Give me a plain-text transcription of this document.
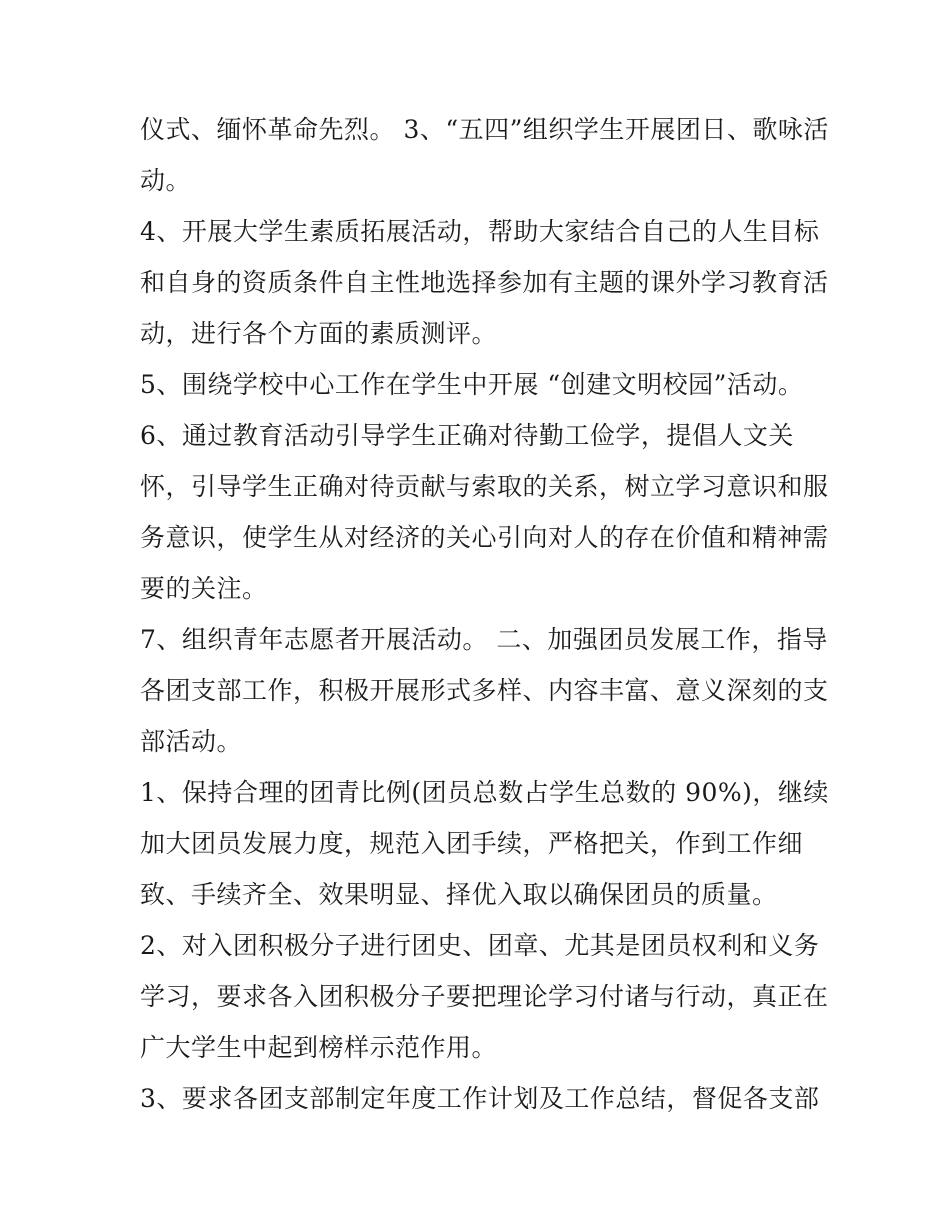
仪式、缅怀革命先烈。 3、“五四”组织学生开展团日、歌咏活
动。
4、开展大学生素质拓展活动，帮助大家结合自己的人生目标
和自身的资质条件自主性地选择参加有主题的课外学习教育活
动，进行各个方面的素质测评。
5、围绕学校中心工作在学生中开展 “创建文明校园”活动。
6、通过教育活动引导学生正确对待勤工俭学，提倡人文关
怀，引导学生正确对待贡献与索取的关系，树立学习意识和服
务意识，使学生从对经济的关心引向对人的存在价值和精神需
要的关注。
7、组织青年志愿者开展活动。 二、加强团员发展工作，指导
各团支部工作，积极开展形式多样、内容丰富、意义深刻的支
部活动。
1、保持合理的团青比例(团员总数占学生总数的 90%)，继续
加大团员发展力度，规范入团手续，严格把关，作到工作细
致、手续齐全、效果明显、择优入取以确保团员的质量。
2、对入团积极分子进行团史、团章、尤其是团员权利和义务
学习，要求各入团积极分子要把理论学习付诸与行动，真正在
广大学生中起到榜样示范作用。
3、要求各团支部制定年度工作计划及工作总结，督促各支部
